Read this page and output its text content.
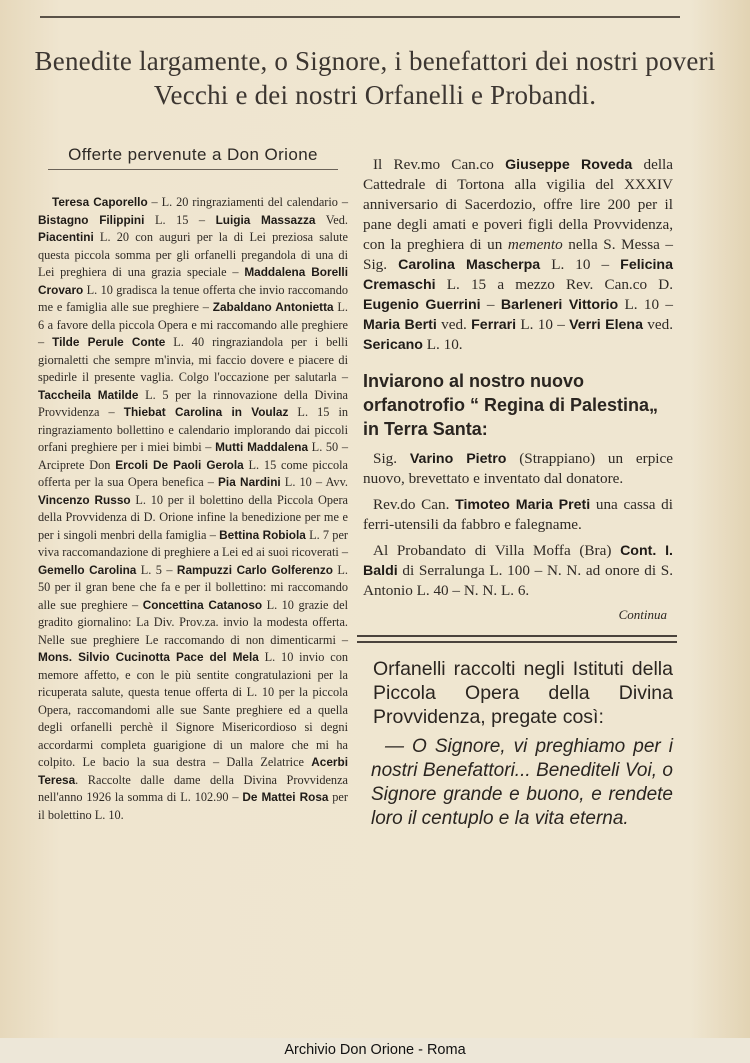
Benedite largamente, o Signore, i benefattori dei nostri poveri Vecchi e dei nostri Orfanelli e Probandi.
Offerte pervenute a Don Orione

Teresa Caporello – L. 20 ringraziamenti del calendario – Bistagno Filippini L. 15 – Luigia Massazza Ved. Piacentini L. 20 con auguri per la di Lei preziosa salute questa piccola somma per gli orfanelli pregandola di una di Lei preghiera di una grazia speciale – Maddalena Borelli Crovaro L. 10 gradisca la tenue offerta che invio raccomando me e famiglia alle sue preghiere – Zabaldano Antonietta L. 6 a favore della piccola Opera e mi raccomando alle preghiere – Tilde Perule Conte L. 40 ringraziandola per i belli giornaletti che sempre m'invia, mi faccio dovere e piacere di spedirle il presente vaglia. Colgo l'occazione per salutarla – Taccheila Matilde L. 5 per la rinnovazione della Divina Provvidenza – Thiebat Carolina in Voulaz L. 15 in ringraziamento bollettino e calendario implorando dai piccoli orfani preghiere per i miei bimbi – Mutti Maddalena L. 50 – Arciprete Don Ercoli De Paoli Gerola L. 15 come piccola offerta per la sua Opera benefica – Pia Nardini L. 10 – Avv. Vincenzo Russo L. 10 per il bolettino della Piccola Opera della Provvidenza di D. Orione infine la benedizione per me e per i singoli menbri della famiglia – Bettina Robiola L. 7 per viva raccomandazione di preghiere a Lei ed ai suoi ricoverati – Gemello Carolina L. 5 – Rampuzzi Carlo Golferenzo L. 50 per il gran bene che fa e per il bollettino: mi raccomando alle sue preghiere – Concettina Catanoso L. 10 grazie del gradito giornalino: La Div. Prov.za. invio la modesta offerta. Nelle sue preghiere Le raccomando di non dimenticarmi – Mons. Silvio Cucinotta Pace del Mela L. 10 invio con memore affetto, e con le più sentite congratulazioni per la ricuperata salute, questa tenue offerta di L. 10 per la piccola Opera, raccomandomi alle sue Sante preghiere ed a quella degli orfanelli perchè il Signore Misericordioso si degni accordarmi completa guarigione di un malore che mi ha colpito. Le bacio la sua destra – Dalla Zelatrice Acerbi Teresa. Raccolte dalle dame della Divina Provvidenza nell'anno 1926 la somma di L. 102.90 – De Mattei Rosa per il bolettino L. 10.

Il Rev.mo Can.co Giuseppe Roveda della Cattedrale di Tortona alla vigilia del XXXIV anniversario di Sacerdozio, offre lire 200 per il pane degli amati e poveri figli della Provvidenza, con la preghiera di un memento nella S. Messa – Sig. Carolina Mascherpa L. 10 – Felicina Cremaschi L. 15 a mezzo Rev. Can.co D. Eugenio Guerrini – Barleneri Vittorio L. 10 – Maria Berti ved. Ferrari L. 10 – Verri Elena ved. Sericano L. 10.

Inviarono al nostro nuovo orfanotrofio “ Regina di Palestina„ in Terra Santa:

Sig. Varino Pietro (Strappiano) un erpice nuovo, brevettato e inventato dal donatore.

Rev.do Can. Timoteo Maria Preti una cassa di ferri-utensili da fabbro e falegname.

Al Probandato di Villa Moffa (Bra) Cont. I. Baldi di Serralunga L. 100 – N. N. ad onore di S. Antonio L. 40 – N. N. L. 6.

Continua
Orfanelli raccolti negli Istituti della Piccola Opera della Divina Provvidenza, pregate così:
— O Signore, vi preghiamo per i nostri Benefattori... Benediteli Voi, o Signore grande e buono, e rendete loro il centuplo e la vita eterna.
Archivio Don Orione - Roma
